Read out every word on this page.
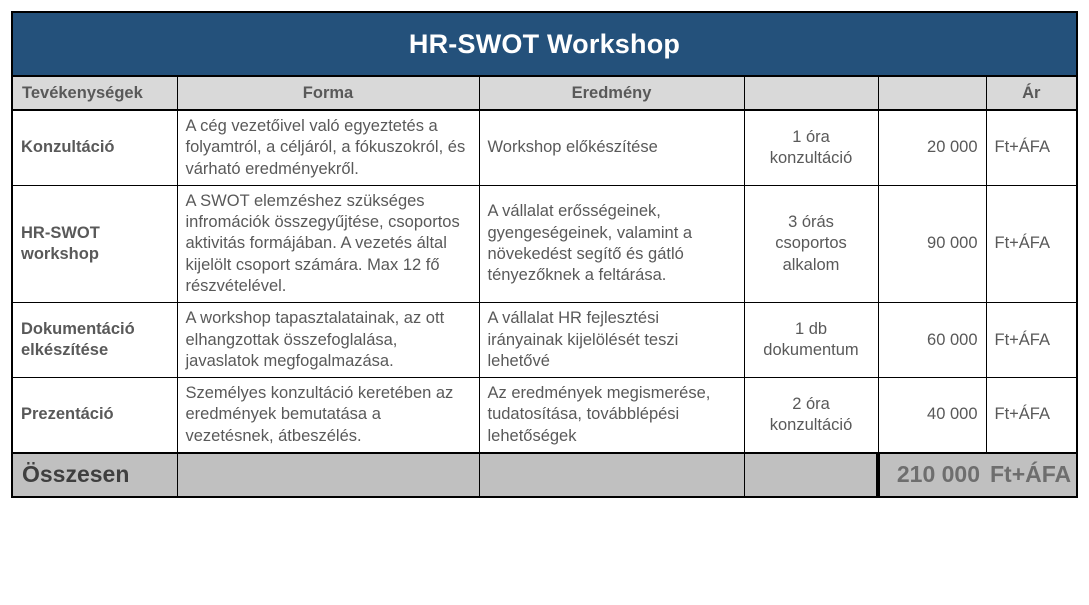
HR-SWOT Workshop					
Tevékenységek	Forma	Eredmény			Ár
Konzultáció	A cég vezetőivel való egyeztetés a folyamtról, a céljáról, a fókuszokról, és várható eredményekről.	Workshop előkészítése	1 óra konzultáció	20 000	Ft+ÁFA
HR-SWOT workshop	A SWOT elemzéshez szükséges infromációk összegyűjtése, csoportos aktivitás formájában. A vezetés által kijelölt csoport számára. Max 12 fő részvételével.	A vállalat erősségeinek, gyengeségeinek, valamint a növekedést segítő és gátló tényezőknek a feltárása.	3 órás csoportos alkalom	90 000	Ft+ÁFA
Dokumentáció elkészítése	A workshop tapasztalatainak, az ott elhangzottak összefoglalása, javaslatok megfogalmazása.	A vállalat HR fejlesztési irányainak kijelölését teszi lehetővé	1 db dokumentum	60 000	Ft+ÁFA
Prezentáció	Személyes konzultáció keretében az eredmények bemutatása a vezetésnek, átbeszélés.	Az eredmények megismerése, tudatosítása, továbblépési lehetőségek	2 óra konzultáció	40 000	Ft+ÁFA
Összesen				210 000	Ft+ÁFA
